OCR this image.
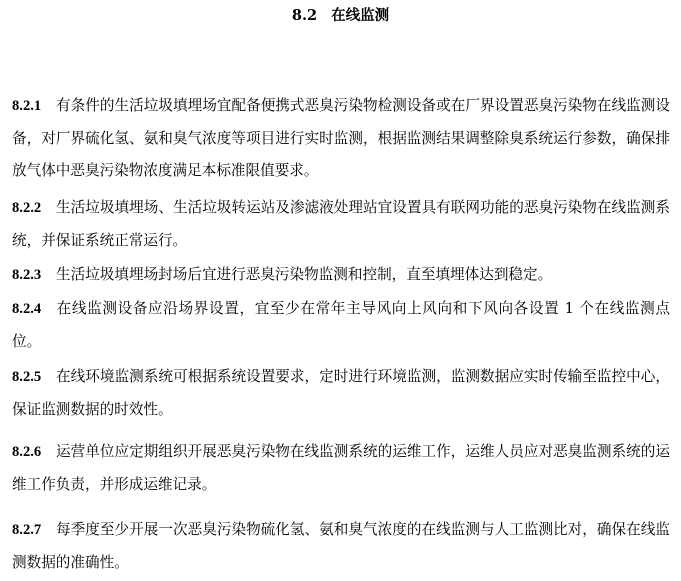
8.2 在线监测

8.2.1 有条件的生活垃圾填埋场宜配备便携式恶臭污染物检测设备或在厂界设置恶臭污染物在线监测设备，对厂界硫化氢、氨和臭气浓度等项目进行实时监测，根据监测结果调整除臭系统运行参数，确保排放气体中恶臭污染物浓度满足本标准限值要求。

8.2.2 生活垃圾填埋场、生活垃圾转运站及渗滤液处理站宜设置具有联网功能的恶臭污染物在线监测系统，并保证系统正常运行。

8.2.3 生活垃圾填埋场封场后宜进行恶臭污染物监测和控制，直至填埋体达到稳定。

8.2.4 在线监测设备应沿场界设置，宜至少在常年主导风向上风向和下风向各设置 1 个在线监测点位。

8.2.5 在线环境监测系统可根据系统设置要求，定时进行环境监测，监测数据应实时传输至监控中心，保证监测数据的时效性。

8.2.6 运营单位应定期组织开展恶臭污染物在线监测系统的运维工作，运维人员应对恶臭监测系统的运维工作负责，并形成运维记录。

8.2.7 每季度至少开展一次恶臭污染物硫化氢、氨和臭气浓度的在线监测与人工监测比对，确保在线监测数据的准确性。
